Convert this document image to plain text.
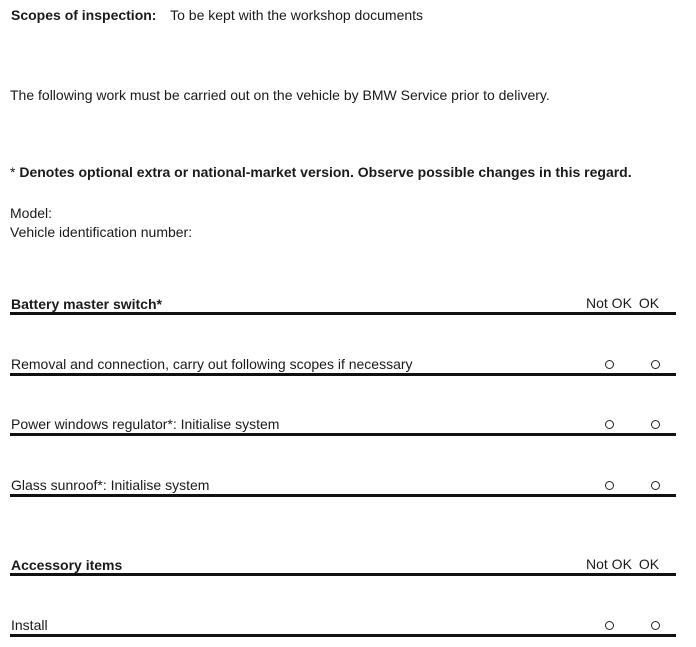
Scopes of inspection: To be kept with the workshop documents
The following work must be carried out on the vehicle by BMW Service prior to delivery.
* Denotes optional extra or national-market version. Observe possible changes in this regard.
Model:
Vehicle identification number:
Battery master switch*	Not OK OK
Removal and connection, carry out following scopes if necessary
Power windows regulator*: Initialise system
Glass sunroof*: Initialise system
Accessory items	Not OK OK
Install
